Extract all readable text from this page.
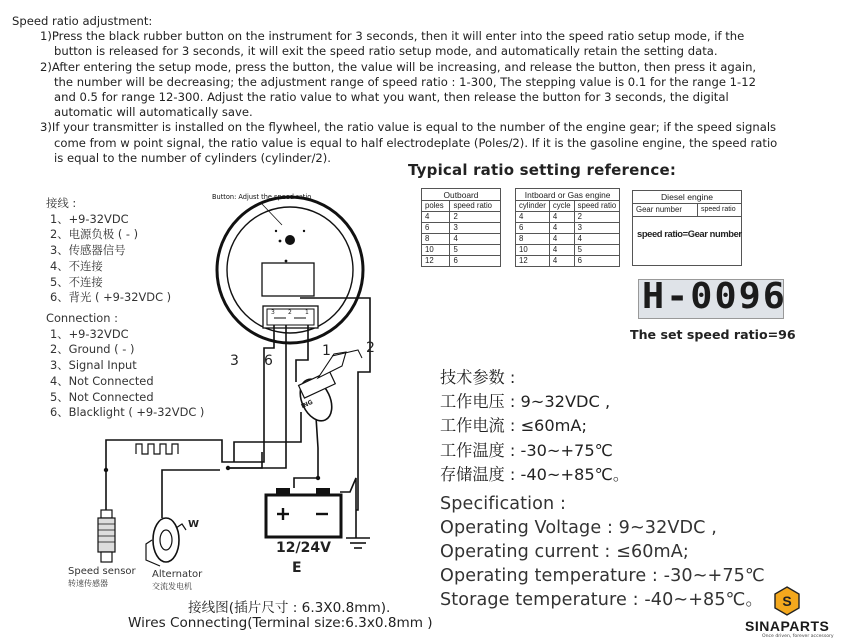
Speed ratio adjustment:

1)Press the black rubber button on the instrument for 3 seconds, then it will enter into the speed ratio setup mode, if the

button is released for 3 seconds, it will exit the speed ratio setup mode, and automatically retain the setting data.

2)After entering the setup mode, press the button, the value will be increasing, and release the button, then press it again,

the number will be decreasing; the adjustment range of speed ratio : 1-300, The stepping value is 0.1 for the range 1-12

and 0.5 for range 12-300. Adjust the ratio value to what you want, then release the button for 3 seconds, the digital

automatic will automatically save.

3)If your transmitter is installed on the flywheel, the ratio value is equal to the number of the engine gear; if the speed signals

come from w point signal, the ratio value is equal to half electrodeplate (Poles/2). If it is the gasoline engine, the speed ratio

is equal to the number of cylinders (cylinder/2).

接线 :
1、+9-32VDC
2、电源负极 ( - )
3、传感器信号
4、不连接
5、不连接
6、背光 ( +9-32VDC )
Connection :
1、+9-32VDC
2、Ground ( - )
3、Signal Input
4、Not Connected
5、Not Connected
6、Blacklight ( +9-32VDC )
Typical ratio setting reference:
Outboard	
poles	speed ratio
4	2
6	3
8	4
10	5
12	6
Intboard or Gas engine		
cylinder	cycle	speed ratio
4	4	2
6	4	3
8	4	4
10	4	5
12	4	6
Diesel engine
Gear number	speed ratio
speed ratio=Gear number
H-0096
The set speed ratio=96
Button: Adjust the speed ratio
3 6
1	2
3 2 1
ING
12/24V
E
Speed sensor
转速传感器
Alternator
交流发电机
W
技术参数 :
工作电压 : 9~32VDC ,
工作电流 : ≤60mA;
工作温度 : -30~+75℃
存储温度 : -40~+85℃。
Specification :
Operating Voltage : 9~32VDC ,
Operating current : ≤60mA;
Operating temperature : -30~+75℃
Storage temperature : -40~+85℃。
接线图(插片尺寸 : 6.3X0.8mm).
Wires Connecting(Terminal size:6.3x0.8mm )
S
SINAPARTS
Once driven, forever accessory
